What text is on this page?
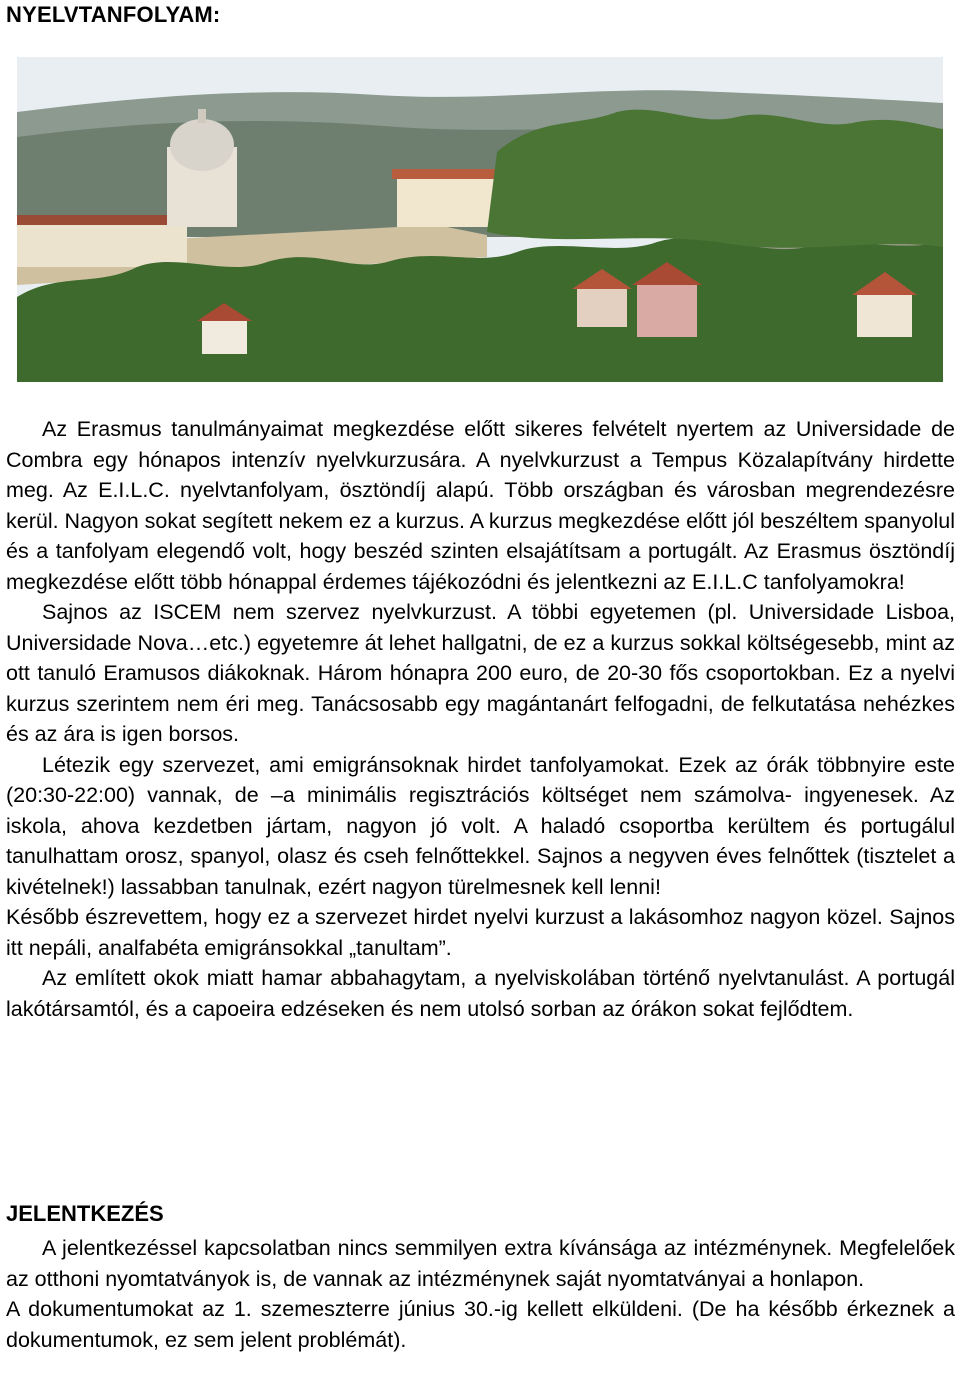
NYELVTANFOLYAM:

Az Erasmus tanulmányaimat megkezdése előtt sikeres felvételt nyertem az Universidade de Combra egy hónapos intenzív nyelvkurzusára. A nyelvkurzust a Tempus Közalapítvány hirdette meg. Az E.I.L.C. nyelvtanfolyam, ösztöndíj alapú. Több országban és városban megrendezésre kerül. Nagyon sokat segített nekem ez a kurzus. A kurzus megkezdése előtt jól beszéltem spanyolul és a tanfolyam elegendő volt, hogy beszéd szinten elsajátítsam a portugált. Az Erasmus ösztöndíj megkezdése előtt több hónappal érdemes tájékozódni és jelentkezni az E.I.L.C tanfolyamokra!

Sajnos az ISCEM nem szervez nyelvkurzust. A többi egyetemen (pl. Universidade Lisboa, Universidade Nova…etc.) egyetemre át lehet hallgatni, de ez a kurzus sokkal költségesebb, mint az ott tanuló Eramusos diákoknak. Három hónapra 200 euro, de 20-30 fős csoportokban. Ez a nyelvi kurzus szerintem nem éri meg. Tanácsosabb egy magántanárt felfogadni, de felkutatása nehézkes és az ára is igen borsos.

Létezik egy szervezet, ami emigránsoknak hirdet tanfolyamokat. Ezek az órák többnyire este (20:30-22:00) vannak, de –a minimális regisztrációs költséget nem számolva- ingyenesek. Az iskola, ahova kezdetben jártam, nagyon jó volt. A haladó csoportba kerültem és portugálul tanulhattam orosz, spanyol, olasz és cseh felnőttekkel. Sajnos a negyven éves felnőttek (tisztelet a kivételnek!) lassabban tanulnak, ezért nagyon türelmesnek kell lenni!

Később észrevettem, hogy ez a szervezet hirdet nyelvi kurzust a lakásomhoz nagyon közel. Sajnos itt nepáli, analfabéta emigránsokkal „tanultam”.

Az említett okok miatt hamar abbahagytam, a nyelviskolában történő nyelvtanulást. A portugál lakótársamtól, és a capoeira edzéseken és nem utolsó sorban az órákon sokat fejlődtem.

JELENTKEZÉS

A jelentkezéssel kapcsolatban nincs semmilyen extra kívánsága az intézménynek. Megfelelőek az otthoni nyomtatványok is, de vannak az intézménynek saját nyomtatványai a honlapon.

A dokumentumokat az 1. szemeszterre június 30.-ig kellett elküldeni. (De ha később érkeznek a dokumentumok, ez sem jelent problémát).
